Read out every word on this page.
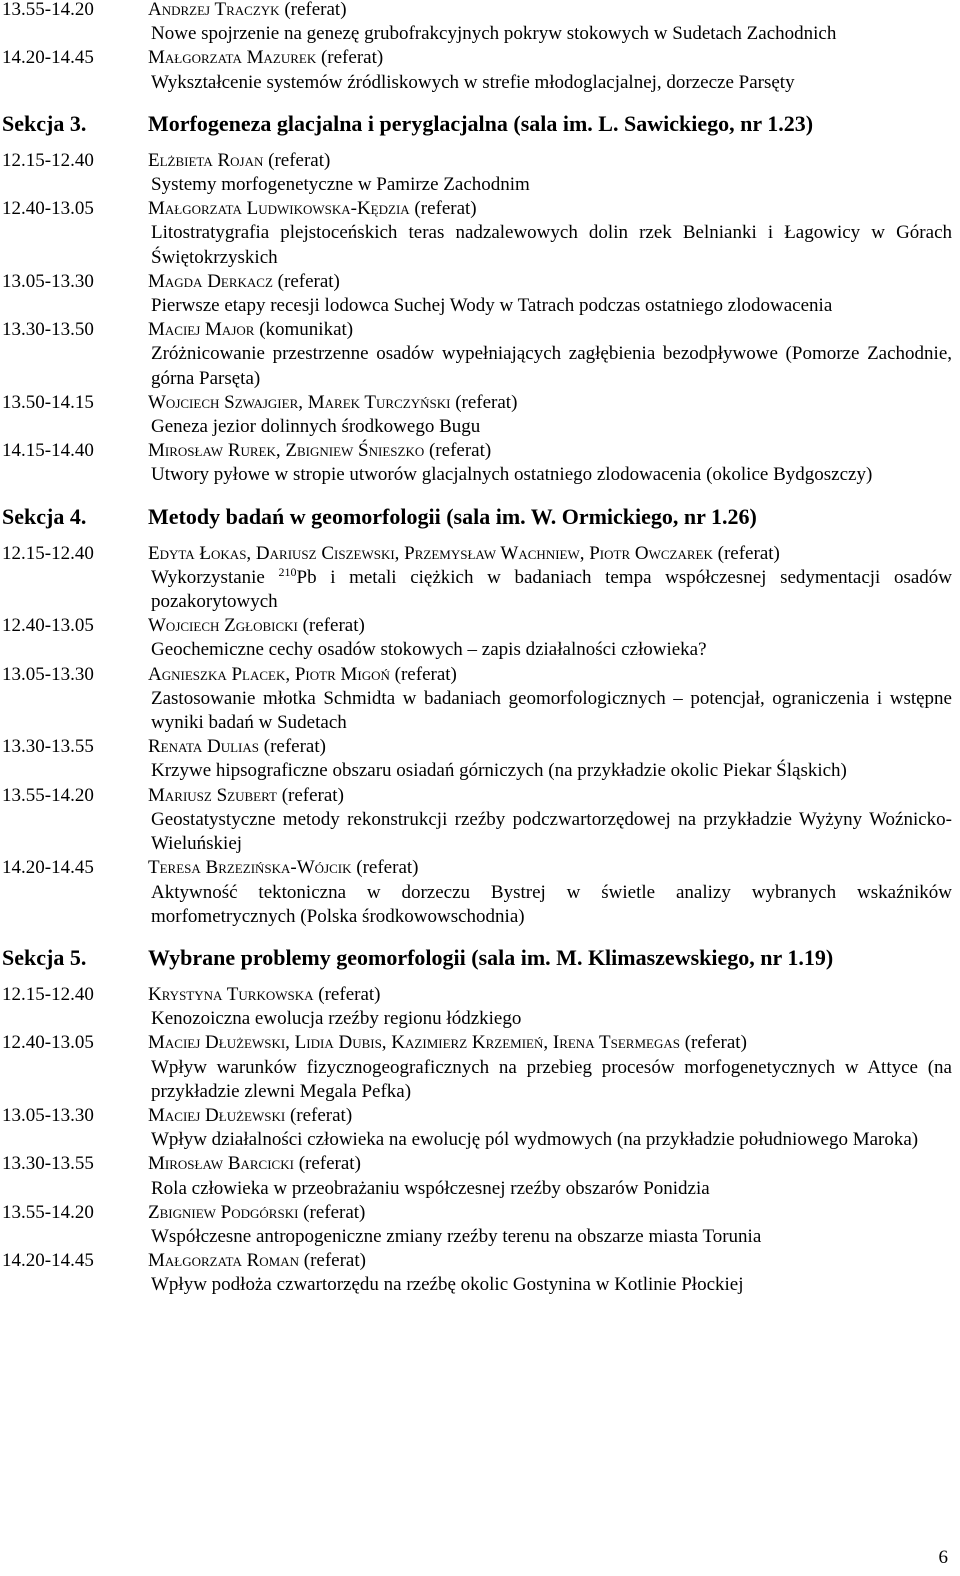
13.55-14.20	Andrzej Traczyk (referat)
Nowe spojrzenie na genezę grubofrakcyjnych pokryw stokowych w Sudetach Zachodnich
14.20-14.45	Małgorzata Mazurek (referat)
Wykształcenie systemów źródliskowych w strefie młodoglacjalnej, dorzecze Parsęty
Sekcja 3.	Morfogeneza glacjalna i peryglacjalna (sala im. L. Sawickiego, nr 1.23)
12.15-12.40	Elżbieta Rojan (referat)
Systemy morfogenetyczne w Pamirze Zachodnim
12.40-13.05	Małgorzata Ludwikowska-Kędzia (referat)
Litostratygrafia plejstoceńskich teras nadzalewowych dolin rzek Belnianki i Łagowicy w Górach Świętokrzyskich
13.05-13.30	Magda Derkacz (referat)
Pierwsze etapy recesji lodowca Suchej Wody w Tatrach podczas ostatniego zlodowacenia
13.30-13.50	Maciej Major (komunikat)
Zróżnicowanie przestrzenne osadów wypełniających zagłębienia bezodpływowe (Pomorze Zachodnie, górna Parsęta)
13.50-14.15	Wojciech Szwajgier, Marek Turczyński (referat)
Geneza jezior dolinnych środkowego Bugu
14.15-14.40	Mirosław Rurek, Zbigniew Śnieszko (referat)
Utwory pyłowe w stropie utworów glacjalnych ostatniego zlodowacenia (okolice Bydgoszczy)
Sekcja 4.	Metody badań w geomorfologii (sala im. W. Ormickiego, nr 1.26)
12.15-12.40	Edyta Łokas, Dariusz Ciszewski, Przemysław Wachniew, Piotr Owczarek (referat)
Wykorzystanie $^{210}$Pb i metali ciężkich w badaniach tempa współczesnej sedymentacji osadów pozakorytowych
12.40-13.05	Wojciech Zgłobicki (referat)
Geochemiczne cechy osadów stokowych – zapis działalności człowieka?
13.05-13.30	Agnieszka Placek, Piotr Migoń (referat)
Zastosowanie młotka Schmidta w badaniach geomorfologicznych – potencjał, ograniczenia i wstępne wyniki badań w Sudetach
13.30-13.55	Renata Dulias (referat)
Krzywe hipsograficzne obszaru osiadań górniczych (na przykładzie okolic Piekar Śląskich)
13.55-14.20	Mariusz Szubert (referat)
Geostatystyczne metody rekonstrukcji rzeźby podczwartorzędowej na przykładzie Wyżyny Woźnicko-Wieluńskiej
14.20-14.45	Teresa Brzezińska-Wójcik (referat)
Aktywność tektoniczna w dorzeczu Bystrej w świetle analizy wybranych wskaźników morfometrycznych (Polska środkowowschodnia)
Sekcja 5.	Wybrane problemy geomorfologii (sala im. M. Klimaszewskiego, nr 1.19)
12.15-12.40	Krystyna Turkowska (referat)
Kenozoiczna ewolucja rzeźby regionu łódzkiego
12.40-13.05	Maciej Dłużewski, Lidia Dubis, Kazimierz Krzemień, Irena Tsermegas (referat)
Wpływ warunków fizycznogeograficznych na przebieg procesów morfogenetycznych w Attyce (na przykładzie zlewni Megala Pefka)
13.05-13.30	Maciej Dłużewski (referat)
Wpływ działalności człowieka na ewolucję pól wydmowych (na przykładzie południowego Maroka)
13.30-13.55	Mirosław Barcicki (referat)
Rola człowieka w przeobrażaniu współczesnej rzeźby obszarów Ponidzia
13.55-14.20	Zbigniew Podgórski (referat)
Współczesne antropogeniczne zmiany rzeźby terenu na obszarze miasta Torunia
14.20-14.45	Małgorzata Roman (referat)
Wpływ podłoża czwartorzędu na rzeźbę okolic Gostynina w Kotlinie Płockiej
6
